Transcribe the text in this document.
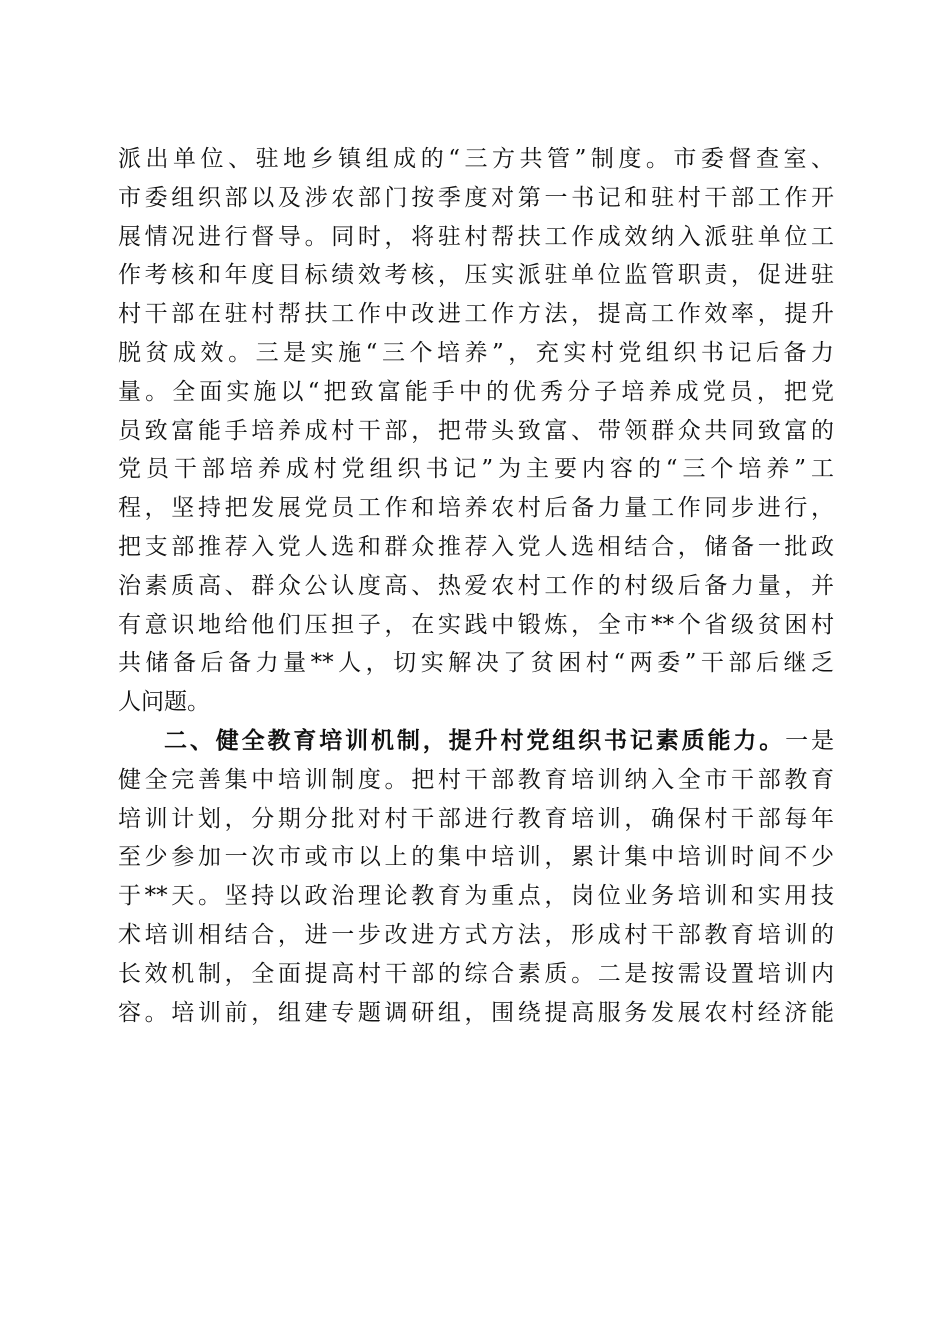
派出单位、驻地乡镇组成的“三方共管”制度。市委督查室、
市委组织部以及涉农部门按季度对第一书记和驻村干部工作开
展情况进行督导。同时，将驻村帮扶工作成效纳入派驻单位工
作考核和年度目标绩效考核，压实派驻单位监管职责，促进驻
村干部在驻村帮扶工作中改进工作方法，提高工作效率，提升
脱贫成效。三是实施“三个培养”，充实村党组织书记后备力
量。全面实施以“把致富能手中的优秀分子培养成党员，把党
员致富能手培养成村干部，把带头致富、带领群众共同致富的
党员干部培养成村党组织书记”为主要内容的“三个培养”工
程，坚持把发展党员工作和培养农村后备力量工作同步进行，
把支部推荐入党人选和群众推荐入党人选相结合，储备一批政
治素质高、群众公认度高、热爱农村工作的村级后备力量，并
有意识地给他们压担子，在实践中锻炼，全市**个省级贫困村
共储备后备力量**人，切实解决了贫困村“两委”干部后继乏
人问题。
二、健全教育培训机制，提升村党组织书记素质能力。一是
健全完善集中培训制度。把村干部教育培训纳入全市干部教育
培训计划，分期分批对村干部进行教育培训，确保村干部每年
至少参加一次市或市以上的集中培训，累计集中培训时间不少
于**天。坚持以政治理论教育为重点，岗位业务培训和实用技
术培训相结合，进一步改进方式方法，形成村干部教育培训的
长效机制，全面提高村干部的综合素质。二是按需设置培训内
容。培训前，组建专题调研组，围绕提高服务发展农村经济能
